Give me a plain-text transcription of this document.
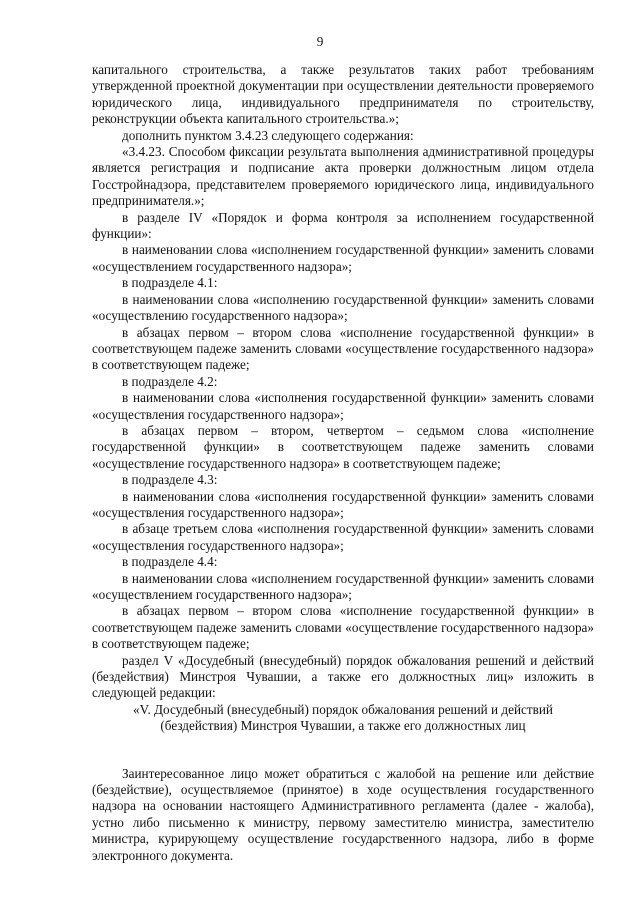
9

капитального строительства, а также результатов таких работ требованиям утвержденной проектной документации при осуществлении деятельности проверяемого юридического лица, индивидуального предпринимателя по строительству, реконструкции объекта капитального строительства.»;

дополнить пунктом 3.4.23 следующего содержания:

«3.4.23. Способом фиксации результата выполнения административной процедуры является регистрация и подписание акта проверки должностным лицом отдела Госстройнадзора, представителем проверяемого юридического лица, индивидуального предпринимателя.»;

в разделе IV «Порядок и форма контроля за исполнением государственной функции»:

в наименовании слова «исполнением государственной функции» заменить словами «осуществлением государственного надзора»;

в подразделе 4.1:

в наименовании слова «исполнению государственной функции» заменить словами «осуществлению государственного надзора»;

в абзацах первом – втором слова «исполнение государственной функции» в соответствующем падеже заменить словами «осуществление государственного надзора» в соответствующем падеже;

в подразделе 4.2:

в наименовании слова «исполнения государственной функции» заменить словами «осуществления государственного надзора»;

в абзацах первом – втором, четвертом – седьмом слова «исполнение государственной функции» в соответствующем падеже заменить словами «осуществление государственного надзора» в соответствующем падеже;

в подразделе 4.3:

в наименовании слова «исполнения государственной функции» заменить словами «осуществления государственного надзора»;

в абзаце третьем слова «исполнения государственной функции» заменить словами «осуществления государственного надзора»;

в подразделе 4.4:

в наименовании слова «исполнением государственной функции» заменить словами «осуществлением государственного надзора»;

в абзацах первом – втором слова «исполнение государственной функции» в соответствующем падеже заменить словами «осуществление государственного надзора» в соответствующем падеже;

раздел V «Досудебный (внесудебный) порядок обжалования решений и действий (бездействия) Минстроя Чувашии, а также его должностных лиц» изложить в следующей редакции:

«V. Досудебный (внесудебный) порядок обжалования решений и действий

(бездействия) Минстроя Чувашии, а также его должностных лиц

Заинтересованное лицо может обратиться с жалобой на решение или действие (бездействие), осуществляемое (принятое) в ходе осуществления государственного надзора на основании настоящего Административного регламента (далее - жалоба), устно либо письменно к министру, первому заместителю министра, заместителю министра, курирующему осуществление государственного надзора, либо в форме электронного документа.
